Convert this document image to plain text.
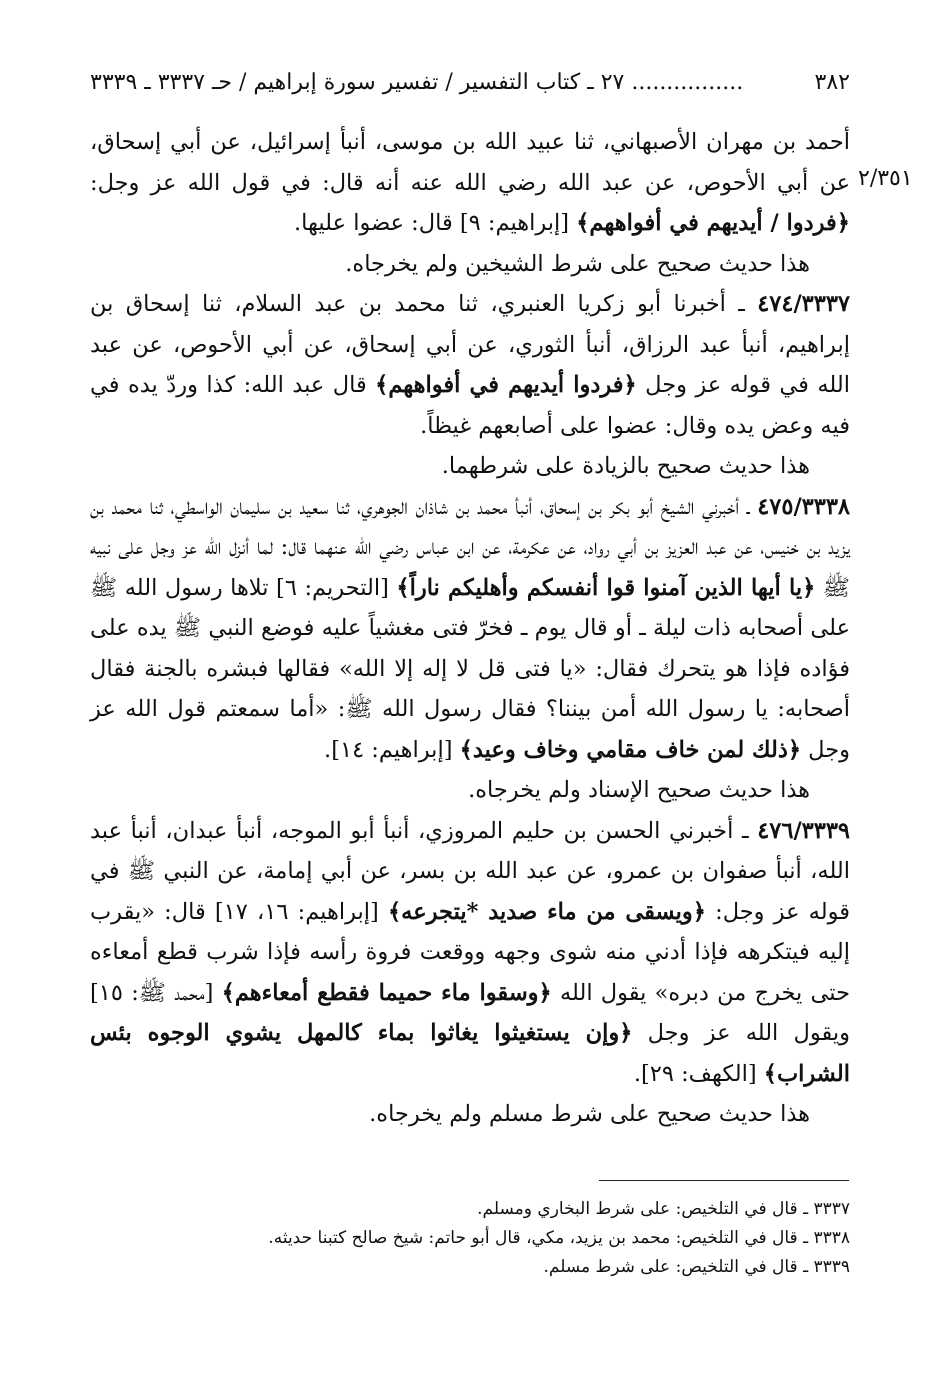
٣٨٢
................ ٢٧ ـ كتاب التفسير / تفسير سورة إبراهيم / حـ ٣٣٣٧ ـ ٣٣٣٩
٢/٣٥١

أحمد بن مهران الأصبهاني، ثنا عبيد الله بن موسى، أنبأ إسرائيل، عن أبي إسحاق، عن أبي الأحوص، عن عبد الله رضي الله عنه أنه قال: في قول الله عز وجل: ﴿فردوا / أيديهم في أفواههم﴾ [إبراهيم: ٩] قال: عضوا عليها.

هذا حديث صحيح على شرط الشيخين ولم يخرجاه.

٤٧٤/٣٣٣٧ ـ أخبرنا أبو زكريا العنبري، ثنا محمد بن عبد السلام، ثنا إسحاق بن إبراهيم، أنبأ عبد الرزاق، أنبأ الثوري، عن أبي إسحاق، عن أبي الأحوص، عن عبد الله في قوله عز وجل ﴿فردوا أيديهم في أفواههم﴾ قال عبد الله: كذا وردّ يده في فيه وعض يده وقال: عضوا على أصابعهم غيظاً.

هذا حديث صحيح بالزيادة على شرطهما.

٤٧٥/٣٣٣٨ ـ أخبرني الشيخ أبو بكر بن إسحاق، أنبأ محمد بن شاذان الجوهري، ثنا سعيد بن سليمان الواسطي، ثنا محمد بن يزيد بن خنيس، عن عبد العزيز بن أبي رواد، عن عكرمة، عن ابن عباس رضي الله عنهما قال: لما أنزل الله عز وجل على نبيه ﷺ ﴿يا أيها الذين آمنوا قوا أنفسكم وأهليكم ناراً﴾ [التحريم: ٦] تلاها رسول الله ﷺ على أصحابه ذات ليلة ـ أو قال يوم ـ فخرّ فتى مغشياً عليه فوضع النبي ﷺ يده على فؤاده فإذا هو يتحرك فقال: «يا فتى قل لا إله إلا الله» فقالها فبشره بالجنة فقال أصحابه: يا رسول الله أمن بيننا؟ فقال رسول الله ﷺ: «أما سمعتم قول الله عز وجل ﴿ذلك لمن خاف مقامي وخاف وعيد﴾ [إبراهيم: ١٤].

هذا حديث صحيح الإسناد ولم يخرجاه.

٤٧٦/٣٣٣٩ ـ أخبرني الحسن بن حليم المروزي، أنبأ أبو الموجه، أنبأ عبدان، أنبأ عبد الله، أنبأ صفوان بن عمرو، عن عبد الله بن بسر، عن أبي إمامة، عن النبي ﷺ في قوله عز وجل: ﴿ويسقى من ماء صديد *يتجرعه﴾ [إبراهيم: ١٦، ١٧] قال: «يقرب إليه فيتكرهه فإذا أدني منه شوى وجهه ووقعت فروة رأسه فإذا شرب قطع أمعاءه حتى يخرج من دبره» يقول الله ﴿وسقوا ماء حميما فقطع أمعاءهم﴾ [محمد ﷺ: ١٥] ويقول الله عز وجل ﴿وإن يستغيثوا يغاثوا بماء كالمهل يشوي الوجوه بئس الشراب﴾ [الكهف: ٢٩].

هذا حديث صحيح على شرط مسلم ولم يخرجاه.

٣٣٣٧ ـ قال في التلخيص: على شرط البخاري ومسلم.

٣٣٣٨ ـ قال في التلخيص: محمد بن يزيد، مكي، قال أبو حاتم: شيخ صالح كتبنا حديثه.

٣٣٣٩ ـ قال في التلخيص: على شرط مسلم.
